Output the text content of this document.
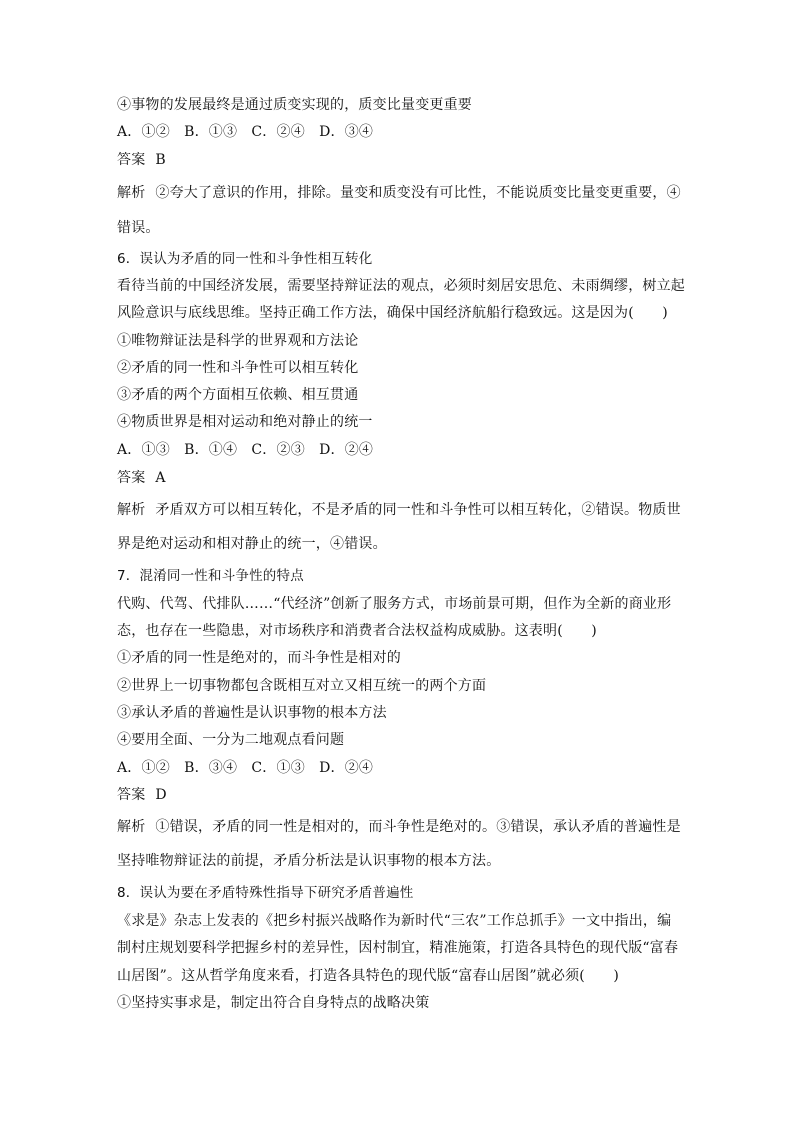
④事物的发展最终是通过质变实现的，质变比量变更重要
A．①②　B．①③　C．②④　D．③④
答案 B
解析 ②夸大了意识的作用，排除。量变和质变没有可比性，不能说质变比量变更重要，④
错误。
6．误认为矛盾的同一性和斗争性相互转化
看待当前的中国经济发展，需要坚持辩证法的观点，必须时刻居安思危、未雨绸缪，树立起
风险意识与底线思维。坚持正确工作方法，确保中国经济航船行稳致远。这是因为(　　)
①唯物辩证法是科学的世界观和方法论
②矛盾的同一性和斗争性可以相互转化
③矛盾的两个方面相互依赖、相互贯通
④物质世界是相对运动和绝对静止的统一
A．①③　B．①④　C．②③　D．②④
答案 A
解析 矛盾双方可以相互转化，不是矛盾的同一性和斗争性可以相互转化，②错误。物质世
界是绝对运动和相对静止的统一，④错误。
7．混淆同一性和斗争性的特点
代购、代驾、代排队……“代经济”创新了服务方式，市场前景可期，但作为全新的商业形
态，也存在一些隐患，对市场秩序和消费者合法权益构成威胁。这表明(　　)
①矛盾的同一性是绝对的，而斗争性是相对的
②世界上一切事物都包含既相互对立又相互统一的两个方面
③承认矛盾的普遍性是认识事物的根本方法
④要用全面、一分为二地观点看问题
A．①②　B．③④　C．①③　D．②④
答案 D
解析 ①错误，矛盾的同一性是相对的，而斗争性是绝对的。③错误，承认矛盾的普遍性是
坚持唯物辩证法的前提，矛盾分析法是认识事物的根本方法。
8．误认为要在矛盾特殊性指导下研究矛盾普遍性
《求是》杂志上发表的《把乡村振兴战略作为新时代“三农”工作总抓手》一文中指出，编
制村庄规划要科学把握乡村的差异性，因村制宜，精准施策，打造各具特色的现代版“富春
山居图”。这从哲学角度来看，打造各具特色的现代版“富春山居图”就必须(　　)
①坚持实事求是，制定出符合自身特点的战略决策
